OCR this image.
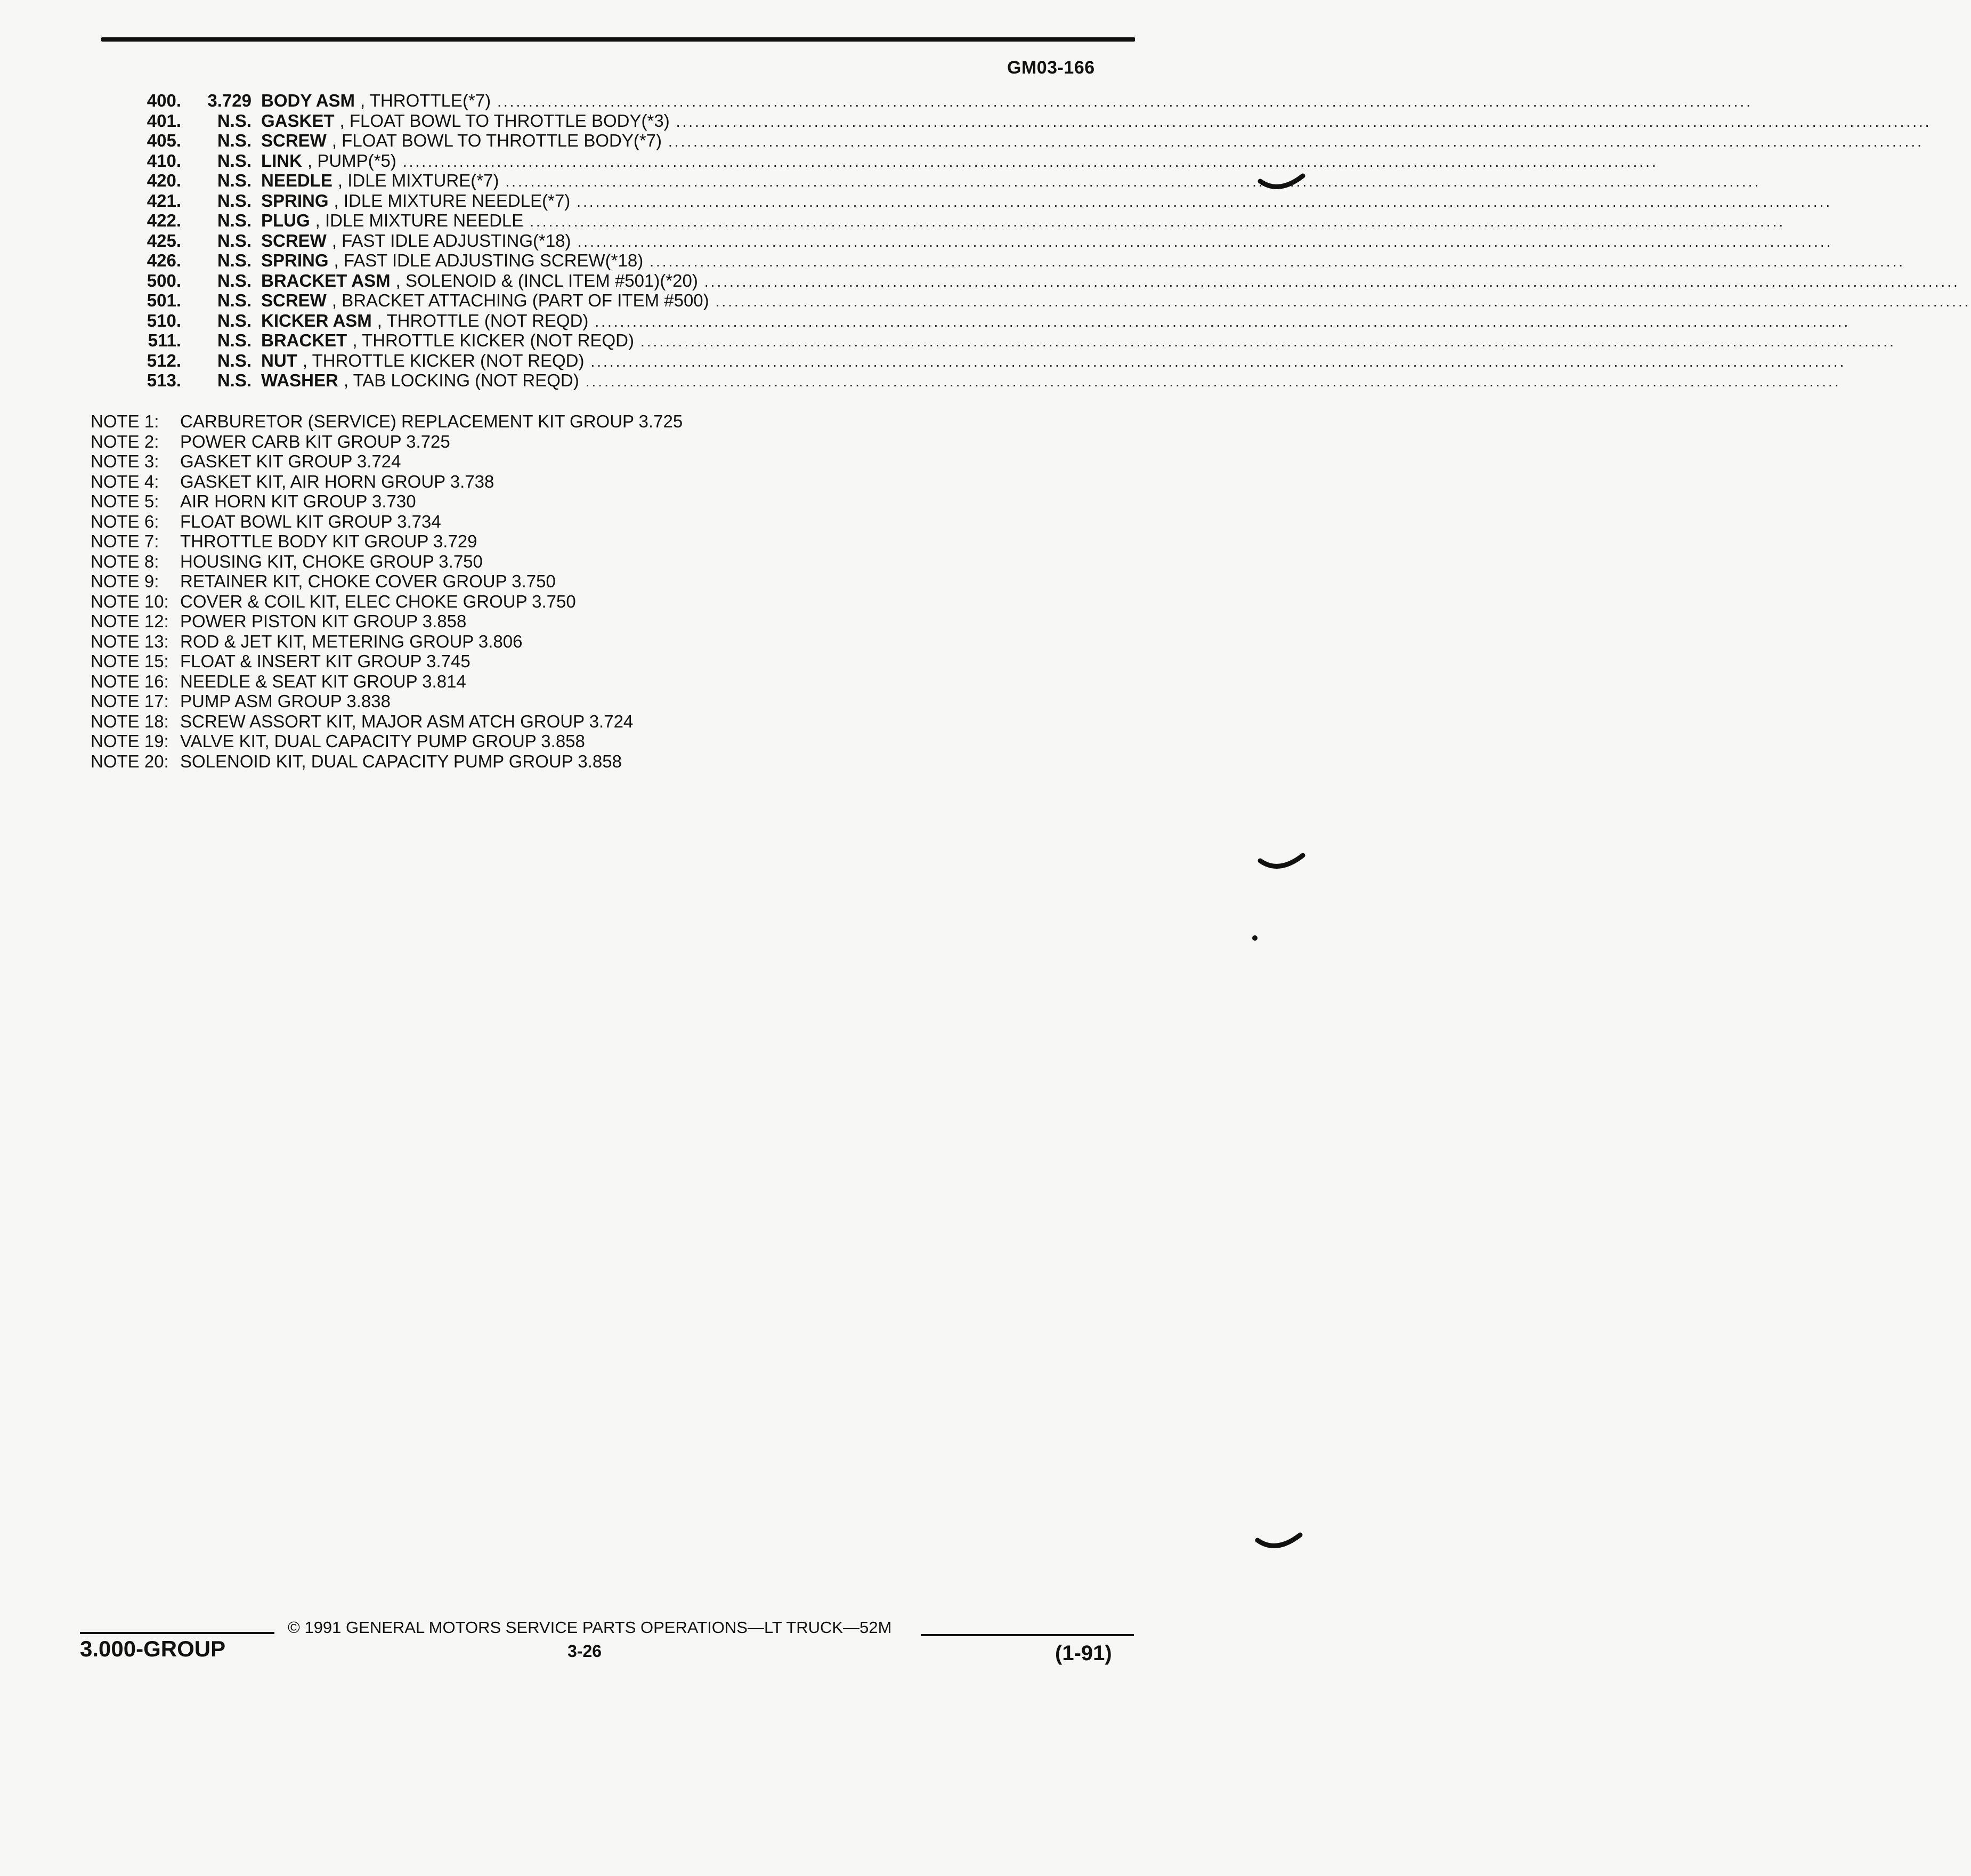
GM03-166
400.	3.729 BODY ASM , THROTTLE(*7) ........................................................................................................................................................................................................
401.	N.S. GASKET , FLOAT BOWL TO THROTTLE BODY(*3) ........................................................................................................................................................................................................
405.	N.S. SCREW , FLOAT BOWL TO THROTTLE BODY(*7) ........................................................................................................................................................................................................
410.	N.S. LINK , PUMP(*5) ........................................................................................................................................................................................................
420.	N.S. NEEDLE , IDLE MIXTURE(*7) ........................................................................................................................................................................................................
421.	N.S. SPRING , IDLE MIXTURE NEEDLE(*7) ........................................................................................................................................................................................................
422.	N.S. PLUG , IDLE MIXTURE NEEDLE ........................................................................................................................................................................................................
425.	N.S. SCREW , FAST IDLE ADJUSTING(*18) ........................................................................................................................................................................................................
426.	N.S. SPRING , FAST IDLE ADJUSTING SCREW(*18) ........................................................................................................................................................................................................
500.	N.S. BRACKET ASM , SOLENOID & (INCL ITEM #501)(*20) ........................................................................................................................................................................................................
501.	N.S. SCREW , BRACKET ATTACHING (PART OF ITEM #500) ........................................................................................................................................................................................................
510.	N.S. KICKER ASM , THROTTLE (NOT REQD) ........................................................................................................................................................................................................
511.	N.S. BRACKET , THROTTLE KICKER (NOT REQD) ........................................................................................................................................................................................................
512.	N.S. NUT , THROTTLE KICKER (NOT REQD) ........................................................................................................................................................................................................
513.	N.S. WASHER , TAB LOCKING (NOT REQD) ........................................................................................................................................................................................................
NOTE 1:	CARBURETOR (SERVICE) REPLACEMENT KIT GROUP 3.725
NOTE 2:	POWER CARB KIT GROUP 3.725
NOTE 3:	GASKET KIT GROUP 3.724
NOTE 4:	GASKET KIT, AIR HORN GROUP 3.738
NOTE 5:	AIR HORN KIT GROUP 3.730
NOTE 6:	FLOAT BOWL KIT GROUP 3.734
NOTE 7:	THROTTLE BODY KIT GROUP 3.729
NOTE 8:	HOUSING KIT, CHOKE GROUP 3.750
NOTE 9:	RETAINER KIT, CHOKE COVER GROUP 3.750
NOTE 10: COVER & COIL KIT, ELEC CHOKE GROUP 3.750
NOTE 12: POWER PISTON KIT GROUP 3.858
NOTE 13: ROD & JET KIT, METERING GROUP 3.806
NOTE 15: FLOAT & INSERT KIT GROUP 3.745
NOTE 16: NEEDLE & SEAT KIT GROUP 3.814
NOTE 17: PUMP ASM GROUP 3.838
NOTE 18: SCREW ASSORT KIT, MAJOR ASM ATCH GROUP 3.724
NOTE 19: VALVE KIT, DUAL CAPACITY PUMP GROUP 3.858
NOTE 20: SOLENOID KIT, DUAL CAPACITY PUMP GROUP 3.858
3.000-GROUP
© 1991 GENERAL MOTORS SERVICE PARTS OPERATIONS—LT TRUCK—52M
3-26	(1-91)
